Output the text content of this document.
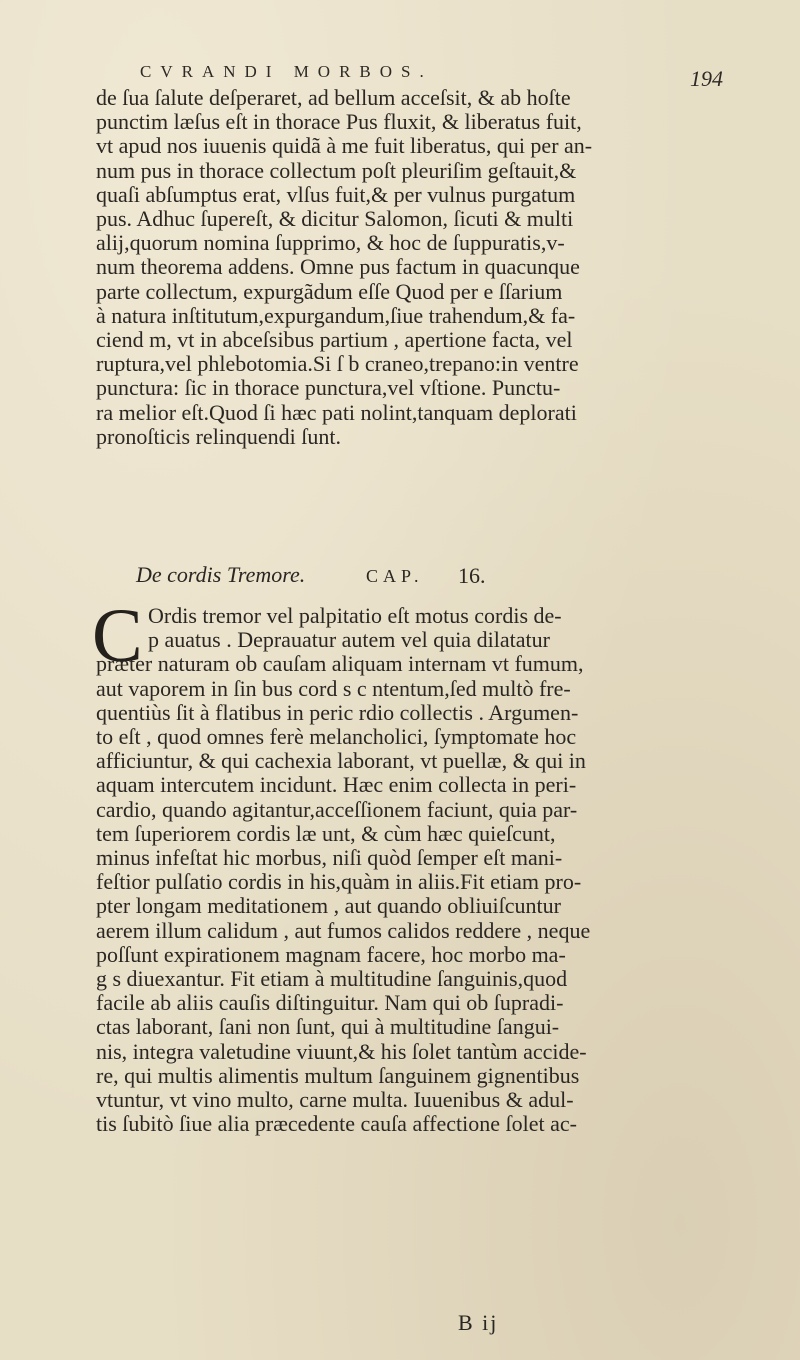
CVRANDI MORBOS.	194
de ſua ſalute deſperaret, ad bellum acceſsit, & ab hoſte
punctim læſus eſt in thorace Pus fluxit, & liberatus fuit,
vt apud nos iuuenis quidã à me fuit liberatus, qui per an-
num pus in thorace collectum poſt pleuriſim geſtauit,&
quaſi abſumptus erat, vlſus fuit,& per vulnus purgatum
pus. Adhuc ſupereſt, & dicitur Salomon, ſicuti & multi
alij,quorum nomina ſupprimo, & hoc de ſuppuratis,v-
num theorema addens. Omne pus factum in quacunque
parte collectum, expurgãdum eſſe Quod per e ſſarium
à natura inſtitutum,expurgandum,ſiue trahendum,& fa-
ciend m, vt in abceſsibus partium , apertione facta, vel
ruptura,vel phlebotomia.Si ſ b craneo,trepano:in ventre
punctura: ſic in thorace punctura,vel vſtione. Punctu-
ra melior eſt.Quod ſi hæc pati nolint,tanquam deplorati
pronoſticis relinquendi ſunt.
De cordis Tremore.	CAP. 16.
C Ordis tremor vel palpitatio eſt motus cordis de-
p auatus . Deprauatur autem vel quia dilatatur
præter naturam ob cauſam aliquam internam vt fumum,
aut vaporem in ſin bus cord s c ntentum,ſed multò fre-
quentiùs ſit à flatibus in peric rdio collectis . Argumen-
to eſt , quod omnes ferè melancholici, ſymptomate hoc
afficiuntur, & qui cachexia laborant, vt puellæ, & qui in
aquam intercutem incidunt. Hæc enim collecta in peri-
cardio, quando agitantur,acceſſionem faciunt, quia par-
tem ſuperiorem cordis læ unt, & cùm hæc quieſcunt,
minus infeſtat hic morbus, niſi quòd ſemper eſt mani-
feſtior pulſatio cordis in his,quàm in aliis.Fit etiam pro-
pter longam meditationem , aut quando obliuiſcuntur
aerem illum calidum , aut fumos calidos reddere , neque
poſſunt expirationem magnam facere, hoc morbo ma-
g s diuexantur. Fit etiam à multitudine ſanguinis,quod
facile ab aliis cauſis diſtinguitur. Nam qui ob ſupradi-
ctas laborant, ſani non ſunt, qui à multitudine ſangui-
nis, integra valetudine viuunt,& his ſolet tantùm accide-
re, qui multis alimentis multum ſanguinem gignentibus
vtuntur, vt vino multo, carne multa. Iuuenibus & adul-
tis ſubitò ſiue alia præcedente cauſa affectione ſolet ac-
B ij
